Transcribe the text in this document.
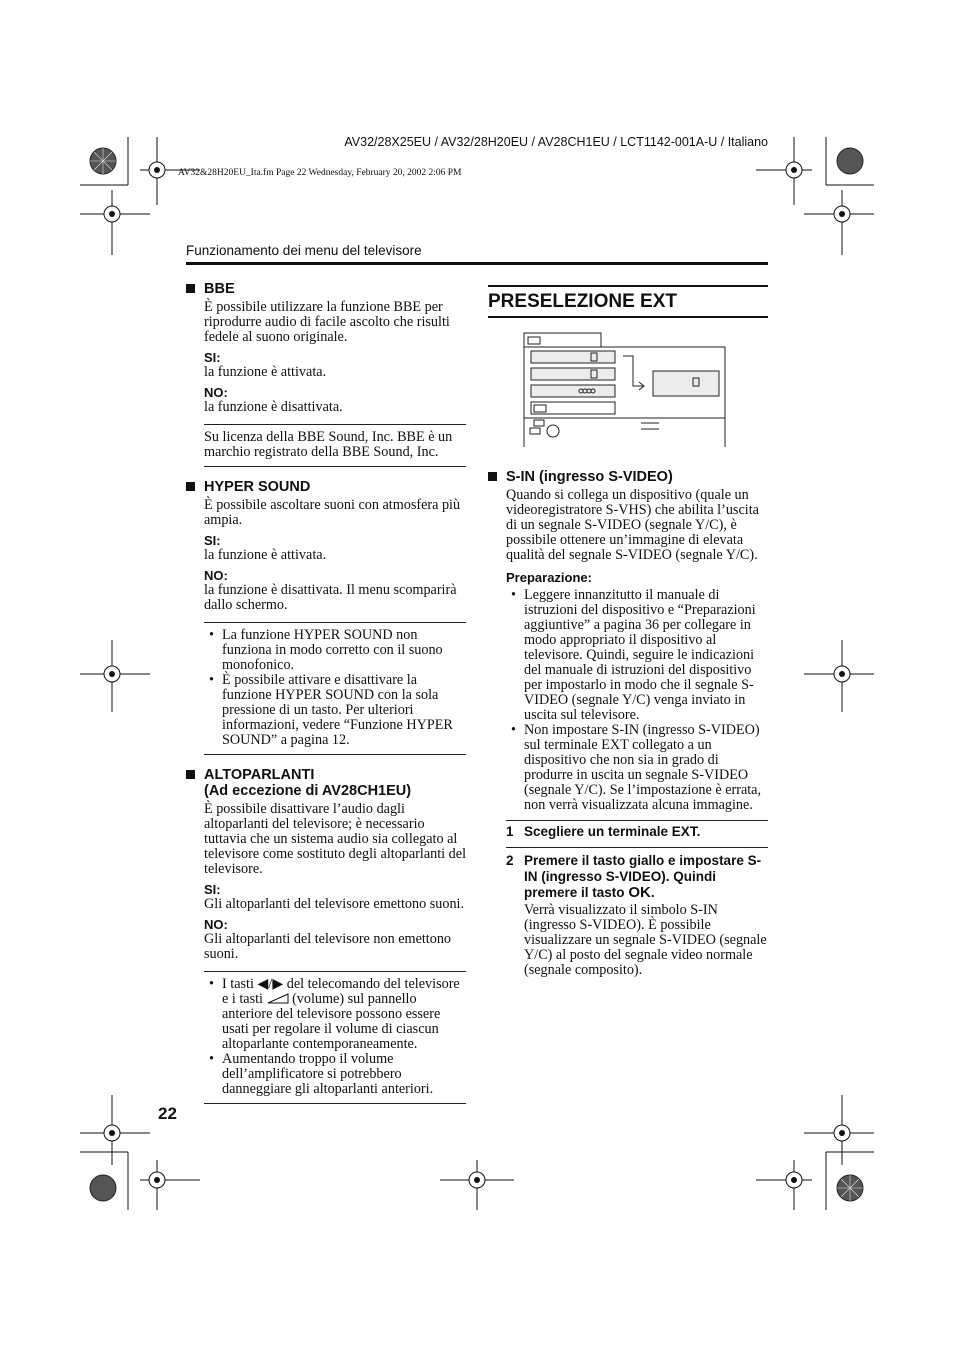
AV32/28X25EU / AV32/28H20EU / AV28CH1EU / LCT1142-001A-U / Italiano
AV32&28H20EU_Ita.fm Page 22 Wednesday, February 20, 2002 2:06 PM
Funzionamento dei menu del televisore
22
BBE

È possibile utilizzare la funzione BBE per riprodurre audio di facile ascolto che risulti fedele al suono originale.

SI:

la funzione è attivata.

NO:

la funzione è disattivata.

Su licenza della BBE Sound, Inc. BBE è un marchio registrato della BBE Sound, Inc.

HYPER SOUND

È possibile ascoltare suoni con atmosfera più ampia.

SI:

la funzione è attivata.

NO:

la funzione è disattivata. Il menu scomparirà dallo schermo.

• La funzione HYPER SOUND non funziona in modo corretto con il suono monofonico.
• È possibile attivare e disattivare la funzione HYPER SOUND con la sola pressione di un tasto. Per ulteriori informazioni, vedere “Funzione HYPER SOUND” a pagina 12.
ALTOPARLANTI
(Ad eccezione di AV28CH1EU)

È possibile disattivare l’audio dagli altoparlanti del televisore; è necessario tuttavia che un sistema audio sia collegato al televisore come sostituto degli altoparlanti del televisore.

SI:

Gli altoparlanti del televisore emettono suoni.

NO:

Gli altoparlanti del televisore non emettono suoni.

• I tasti ◀/▶ del telecomando del televisore e i tasti (volume) sul pannello anteriore del televisore possono essere usati per regolare il volume di ciascun altoparlante contemporaneamente.
• Aumentando troppo il volume dell’amplificatore si potrebbero danneggiare gli altoparlanti anteriori.
PRESELEZIONE EXT
S-IN (ingresso S-VIDEO)

Quando si collega un dispositivo (quale un videoregistratore S-VHS) che abilita l’uscita di un segnale S-VIDEO (segnale Y/C), è possibile ottenere un’immagine di elevata qualità del segnale S-VIDEO (segnale Y/C).

Preparazione:
• Leggere innanzitutto il manuale di istruzioni del dispositivo e “Preparazioni aggiuntive” a pagina 36 per collegare in modo appropriato il dispositivo al televisore. Quindi, seguire le indicazioni del manuale di istruzioni del dispositivo per impostarlo in modo che il segnale S-VIDEO (segnale Y/C) venga inviato in uscita sul televisore.
• Non impostare S-IN (ingresso S-VIDEO) sul terminale EXT collegato a un dispositivo che non sia in grado di produrre in uscita un segnale S-VIDEO (segnale Y/C). Se l’impostazione è errata, non verrà visualizzata alcuna immagine.
1 Scegliere un terminale EXT.
2 Premere il tasto giallo e impostare S-IN (ingresso S-VIDEO). Quindi premere il tasto OK.

Verrà visualizzato il simbolo S-IN (ingresso S-VIDEO). È possibile visualizzare un segnale S-VIDEO (segnale Y/C) al posto del segnale video normale (segnale composito).
